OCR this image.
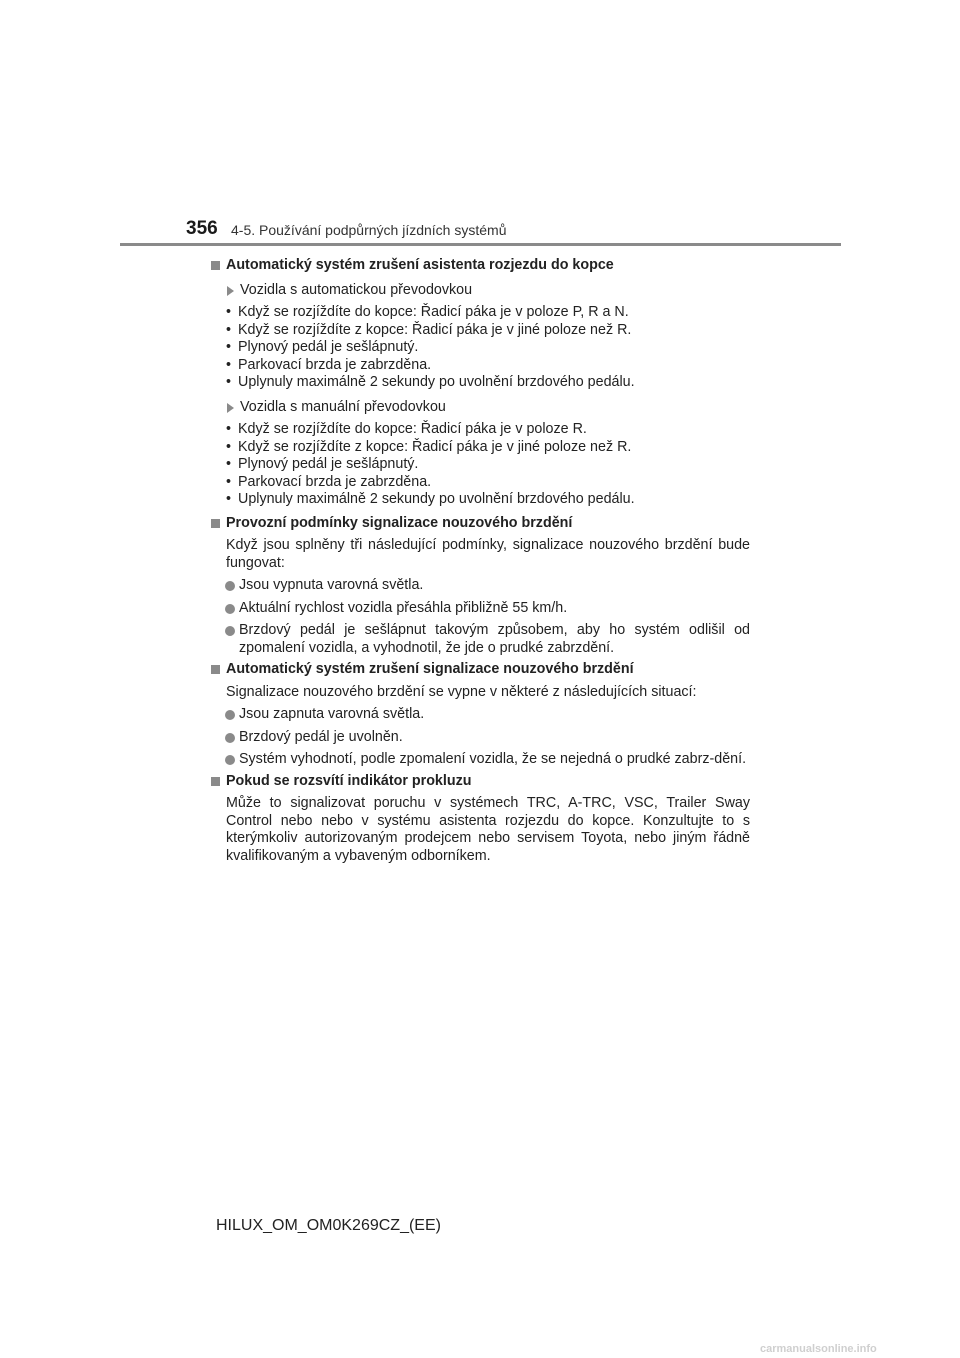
356 4-5. Používání podpůrných jízdních systémů
Automatický systém zrušení asistenta rozjezdu do kopce
Vozidla s automatickou převodovkou
• Když se rozjíždíte do kopce: Řadicí páka je v poloze P, R a N.
• Když se rozjíždíte z kopce: Řadicí páka je v jiné poloze než R.
• Plynový pedál je sešlápnutý.
• Parkovací brzda je zabrzděna.
• Uplynuly maximálně 2 sekundy po uvolnění brzdového pedálu.
Vozidla s manuální převodovkou
• Když se rozjíždíte do kopce: Řadicí páka je v poloze R.
• Když se rozjíždíte z kopce: Řadicí páka je v jiné poloze než R.
• Plynový pedál je sešlápnutý.
• Parkovací brzda je zabrzděna.
• Uplynuly maximálně 2 sekundy po uvolnění brzdového pedálu.
Provozní podmínky signalizace nouzového brzdění
Když jsou splněny tři následující podmínky, signalizace nouzového brzdění bude fungovat:
Jsou vypnuta varovná světla.
Aktuální rychlost vozidla přesáhla přibližně 55 km/h.
Brzdový pedál je sešlápnut takovým způsobem, aby ho systém odlišil od zpomalení vozidla, a vyhodnotil, že jde o prudké zabrzdění.
Automatický systém zrušení signalizace nouzového brzdění
Signalizace nouzového brzdění se vypne v některé z následujících situací:
Jsou zapnuta varovná světla.
Brzdový pedál je uvolněn.
Systém vyhodnotí, podle zpomalení vozidla, že se nejedná o prudké zabrz-dění.
Pokud se rozsvítí indikátor prokluzu
Může to signalizovat poruchu v systémech TRC, A-TRC, VSC, Trailer Sway Control nebo nebo v systému asistenta rozjezdu do kopce. Konzultujte to s kterýmkoliv autorizovaným prodejcem nebo servisem Toyota, nebo jiným řádně kvalifikovaným a vybaveným odborníkem.
HILUX_OM_OM0K269CZ_(EE)
carmanualsonline.info
